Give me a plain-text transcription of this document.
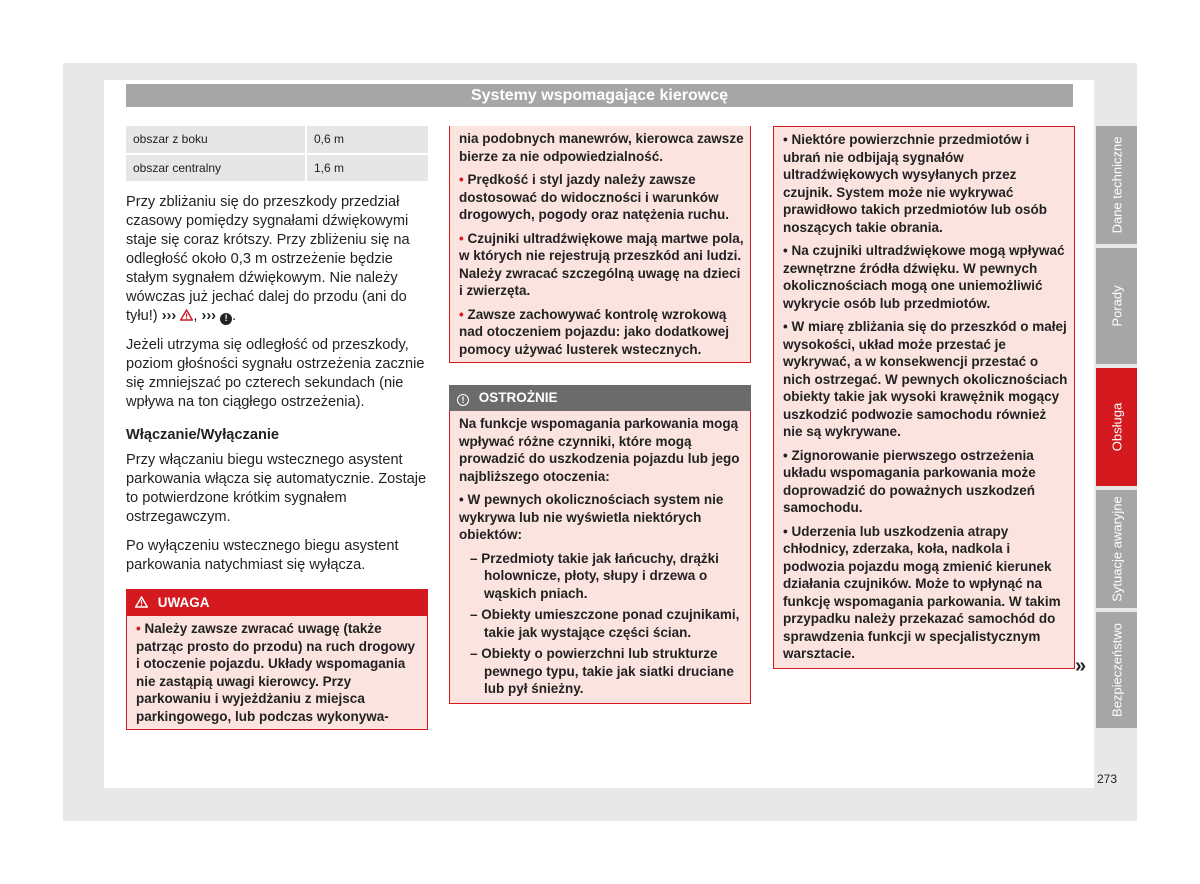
Systemy wspomagające kierowcę
obszar z boku	0,6 m
obszar centralny	1,6 m

Przy zbliżaniu się do przeszkody przedział czasowy pomiędzy sygnałami dźwiękowymi staje się coraz krótszy. Przy zbliżeniu się na odległość około 0,3 m ostrzeżenie będzie stałym sygnałem dźwiękowym. Nie należy wówczas już jechać dalej do przodu (ani do tyłu!) ››› , ››› ! .

Jeżeli utrzyma się odległość od przeszkody, poziom głośności sygnału ostrzeżenia zacznie się zmniejszać po czterech sekundach (nie wpływa na ton ciągłego ostrzeżenia).

Włączanie/Wyłączanie

Przy włączaniu biegu wstecznego asystent parkowania włącza się automatycznie. Zostaje to potwierdzone krótkim sygnałem ostrzegawczym.

Po wyłączeniu wstecznego biegu asystent parkowania natychmiast się wyłącza.

UWAGA

• Należy zawsze zwracać uwagę (także patrząc prosto do przodu) na ruch drogowy i otoczenie pojazdu. Układy wspomagania nie zastąpią uwagi kierowcy. Przy parkowaniu i wyjeżdżaniu z miejsca parkingowego, lub podczas wykonywa-

nia podobnych manewrów, kierowca zawsze bierze za nie odpowiedzialność.

• Prędkość i styl jazdy należy zawsze dostosować do widoczności i warunków drogowych, pogody oraz natężenia ruchu.

• Czujniki ultradźwiękowe mają martwe pola, w których nie rejestrują przeszkód ani ludzi. Należy zwracać szczególną uwagę na dzieci i zwierzęta.

• Zawsze zachowywać kontrolę wzrokową nad otoczeniem pojazdu: jako dodatkowej pomocy używać lusterek wstecznych.

! OSTROŻNIE

Na funkcje wspomagania parkowania mogą wpływać różne czynniki, które mogą prowadzić do uszkodzenia pojazdu lub jego najbliższego otoczenia:

• W pewnych okolicznościach system nie wykrywa lub nie wyświetla niektórych obiektów:

– Przedmioty takie jak łańcuchy, drążki holownicze, płoty, słupy i drzewa o wąskich pniach.

– Obiekty umieszczone ponad czujnikami, takie jak wystające części ścian.

– Obiekty o powierzchni lub strukturze pewnego typu, takie jak siatki druciane lub pył śnieżny.

• Niektóre powierzchnie przedmiotów i ubrań nie odbijają sygnałów ultradźwiękowych wysyłanych przez czujnik. System może nie wykrywać prawidłowo takich przedmiotów lub osób noszących takie obrania.

• Na czujniki ultradźwiękowe mogą wpływać zewnętrzne źródła dźwięku. W pewnych okolicznościach mogą one uniemożliwić wykrycie osób lub przedmiotów.

• W miarę zbliżania się do przeszkód o małej wysokości, układ może przestać je wykrywać, a w konsekwencji przestać o nich ostrzegać. W pewnych okolicznościach obiekty takie jak wysoki krawężnik mogący uszkodzić podwozie samochodu również nie są wykrywane.

• Zignorowanie pierwszego ostrzeżenia układu wspomagania parkowania może doprowadzić do poważnych uszkodzeń samochodu.

• Uderzenia lub uszkodzenia atrapy chłodnicy, zderzaka, koła, nadkola i podwozia pojazdu mogą zmienić kierunek działania czujników. Może to wpłynąć na funkcję wspomagania parkowania. W takim przypadku należy przekazać samochód do sprawdzenia funkcji w specjalistycznym warsztacie.

»
Dane techniczne
Porady
Obsługa
Sytuacje awaryjne
Bezpieczeństwo
273
